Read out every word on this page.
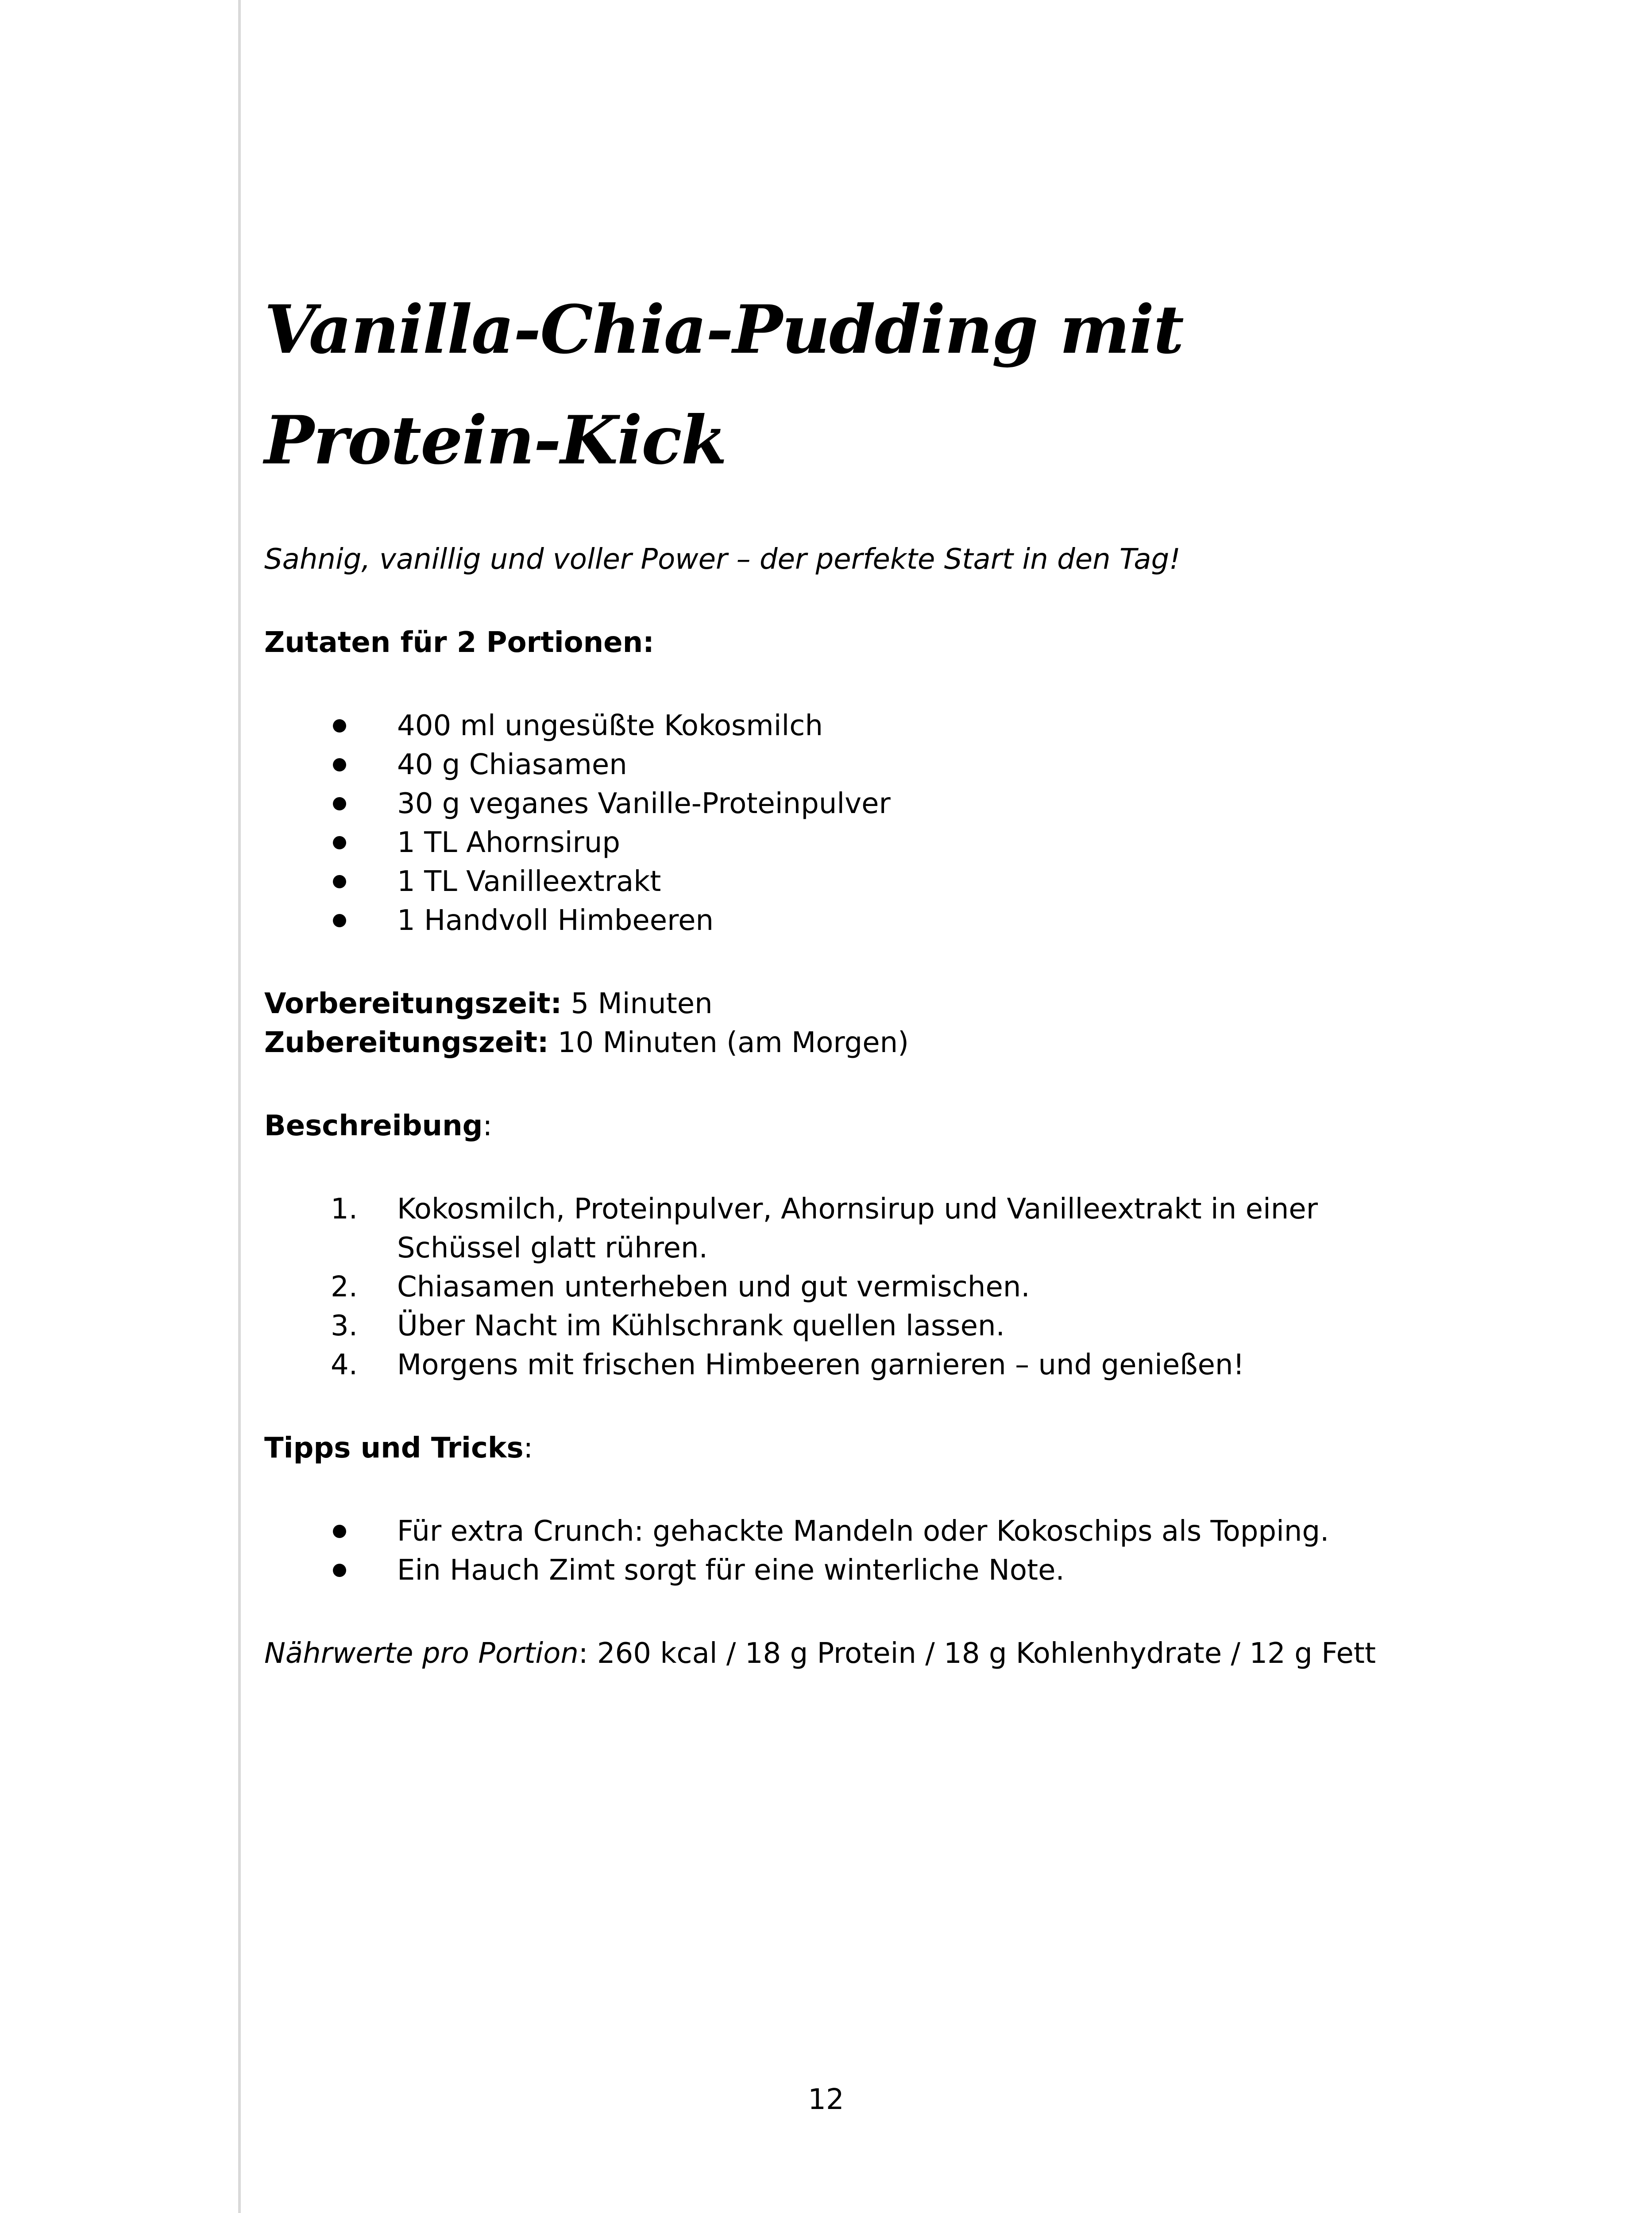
Vanilla-Chia-Pudding mit Protein-Kick

Sahnig, vanillig und voller Power – der perfekte Start in den Tag!

Zutaten für 2 Portionen:

400 ml ungesüßte Kokosmilch
40 g Chiasamen
30 g veganes Vanille-Proteinpulver
1 TL Ahornsirup
1 TL Vanilleextrakt
1 Handvoll Himbeeren
Vorbereitungszeit: 5 Minuten
Zubereitungszeit: 10 Minuten (am Morgen)

Beschreibung:

1.	Kokosmilch, Proteinpulver, Ahornsirup und Vanilleextrakt in einer Schüssel glatt rühren.
2.	Chiasamen unterheben und gut vermischen.
3.	Über Nacht im Kühlschrank quellen lassen.
4.	Morgens mit frischen Himbeeren garnieren – und genießen!

Tipps und Tricks:

Für extra Crunch: gehackte Mandeln oder Kokoschips als Topping.
Ein Hauch Zimt sorgt für eine winterliche Note.

Nährwerte pro Portion: 260 kcal / 18 g Protein / 18 g Kohlenhydrate / 12 g Fett

12
